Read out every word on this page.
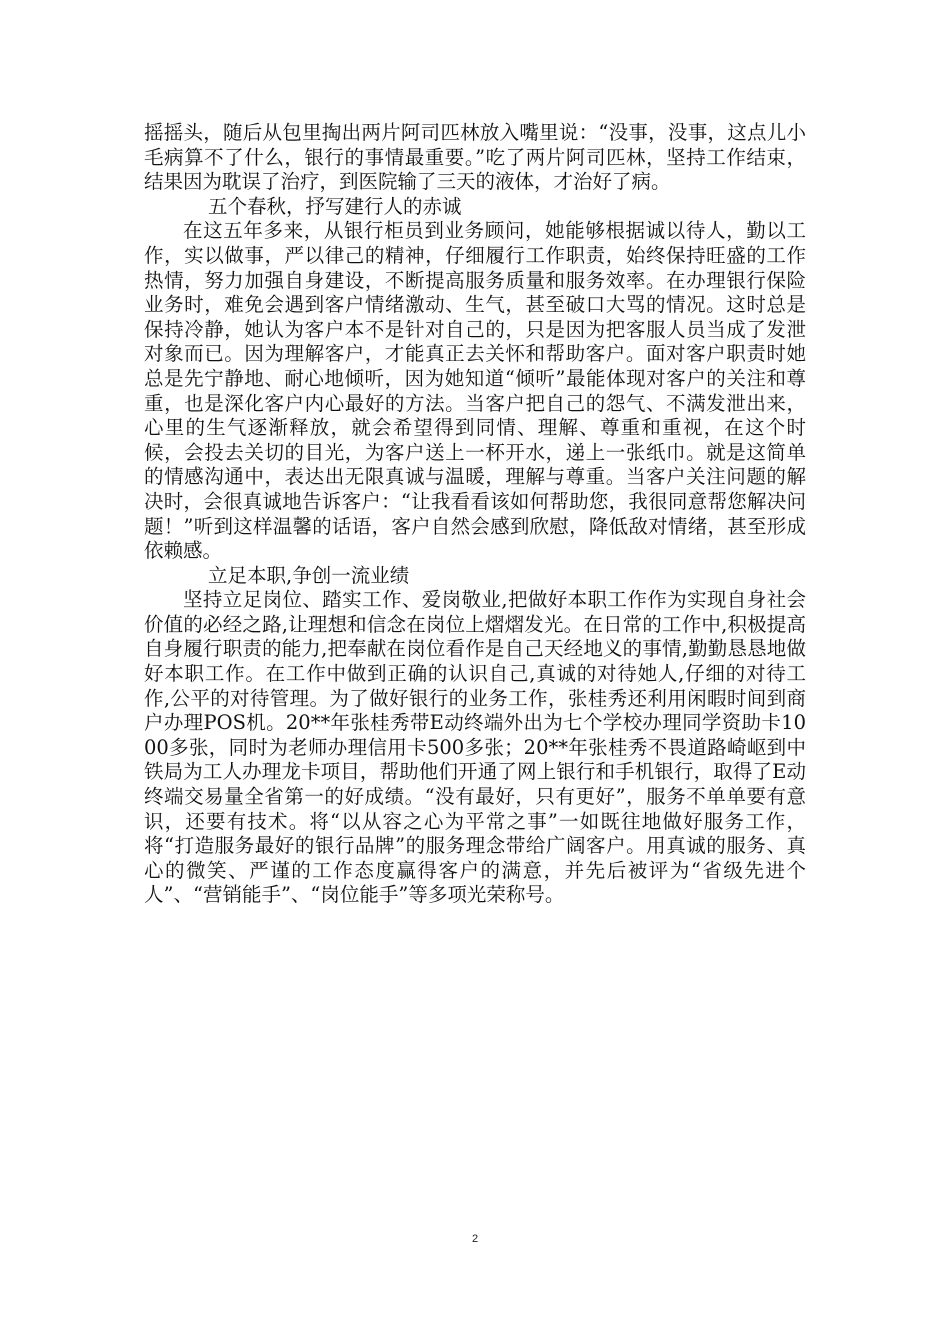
摇摇头，随后从包里掏出两片阿司匹林放入嘴里说：“没事，没事，这点儿小毛病算不了什么，银行的事情最重要。”吃了两片阿司匹林，坚持工作结束，结果因为耽误了治疗，到医院输了三天的液体，才治好了病。

五个春秋，抒写建行人的赤诚

在这五年多来，从银行柜员到业务顾问，她能够根据诚以待人，勤以工作，实以做事，严以律己的精神，仔细履行工作职责，始终保持旺盛的工作热情，努力加强自身建设，不断提高服务质量和服务效率。在办理银行保险业务时，难免会遇到客户情绪激动、生气，甚至破口大骂的情况。这时总是保持冷静，她认为客户本不是针对自己的，只是因为把客服人员当成了发泄对象而已。因为理解客户，才能真正去关怀和帮助客户。面对客户职责时她总是先宁静地、耐心地倾听，因为她知道“倾听”最能体现对客户的关注和尊重，也是深化客户内心最好的方法。当客户把自己的怨气、不满发泄出来，心里的生气逐渐释放，就会希望得到同情、理解、尊重和重视，在这个时候，会投去关切的目光，为客户送上一杯开水，递上一张纸巾。就是这简单的情感沟通中，表达出无限真诚与温暖，理解与尊重。当客户关注问题的解决时，会很真诚地告诉客户：“让我看看该如何帮助您，我很同意帮您解决问题！”听到这样温馨的话语，客户自然会感到欣慰，降低敌对情绪，甚至形成依赖感。

立足本职,争创一流业绩

坚持立足岗位、踏实工作、爱岗敬业,把做好本职工作作为实现自身社会价值的必经之路,让理想和信念在岗位上熠熠发光。在日常的工作中,积极提高自身履行职责的能力,把奉献在岗位看作是自己天经地义的事情,勤勤恳恳地做好本职工作。在工作中做到正确的认识自己,真诚的对待她人,仔细的对待工作,公平的对待管理。为了做好银行的业务工作，张桂秀还利用闲暇时间到商户办理POS机。20**年张桂秀带E动终端外出为七个学校办理同学资助卡1000多张，同时为老师办理信用卡500多张；20**年张桂秀不畏道路崎岖到中铁局为工人办理龙卡项目，帮助他们开通了网上银行和手机银行，取得了E动终端交易量全省第一的好成绩。“没有最好，只有更好”，服务不单单要有意识，还要有技术。将“以从容之心为平常之事”一如既往地做好服务工作，将“打造服务最好的银行品牌”的服务理念带给广阔客户。用真诚的服务、真心的微笑、严谨的工作态度赢得客户的满意，并先后被评为“省级先进个人”、“营销能手”、“岗位能手”等多项光荣称号。

2
